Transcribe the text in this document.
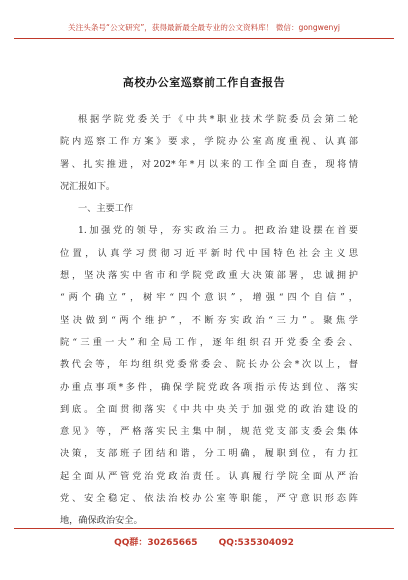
关注头条号“公文研究”，获得最新最全最专业的公文资料库！ 微信：gongwenyj
高校办公室巡察前工作自查报告
根据学院党委关于《中共*职业技术学院委员会第二轮
院内巡察工作方案》要求，学院办公室高度重视、认真部
署、扎实推进，对202*年*月以来的工作全面自查，现将情
况汇报如下。
一、主要工作
1.加强党的领导，夯实政治三力。把政治建设摆在首要
位置，认真学习贯彻习近平新时代中国特色社会主义思
想，坚决落实中省市和学院党政重大决策部署，忠诚拥护
“两个确立”，树牢“四个意识”，增强“四个自信”，
坚决做到“两个维护”，不断夯实政治“三力”。聚焦学
院“三重一大”和全局工作，逐年组织召开党委全委会、
教代会等，年均组织党委常委会、院长办公会*次以上，督
办重点事项*多件，确保学院党政各项指示传达到位、落实
到底。全面贯彻落实《中共中央关于加强党的政治建设的
意见》等，严格落实民主集中制，规范党支部支委会集体
决策，支部班子团结和谐，分工明确，履职到位，有力扛
起全面从严管党治党政治责任。认真履行学院全面从严治
党、安全稳定、依法治校办公室等职能，严守意识形态阵
地，确保政治安全。
QQ群：30265665 QQ:535304092
